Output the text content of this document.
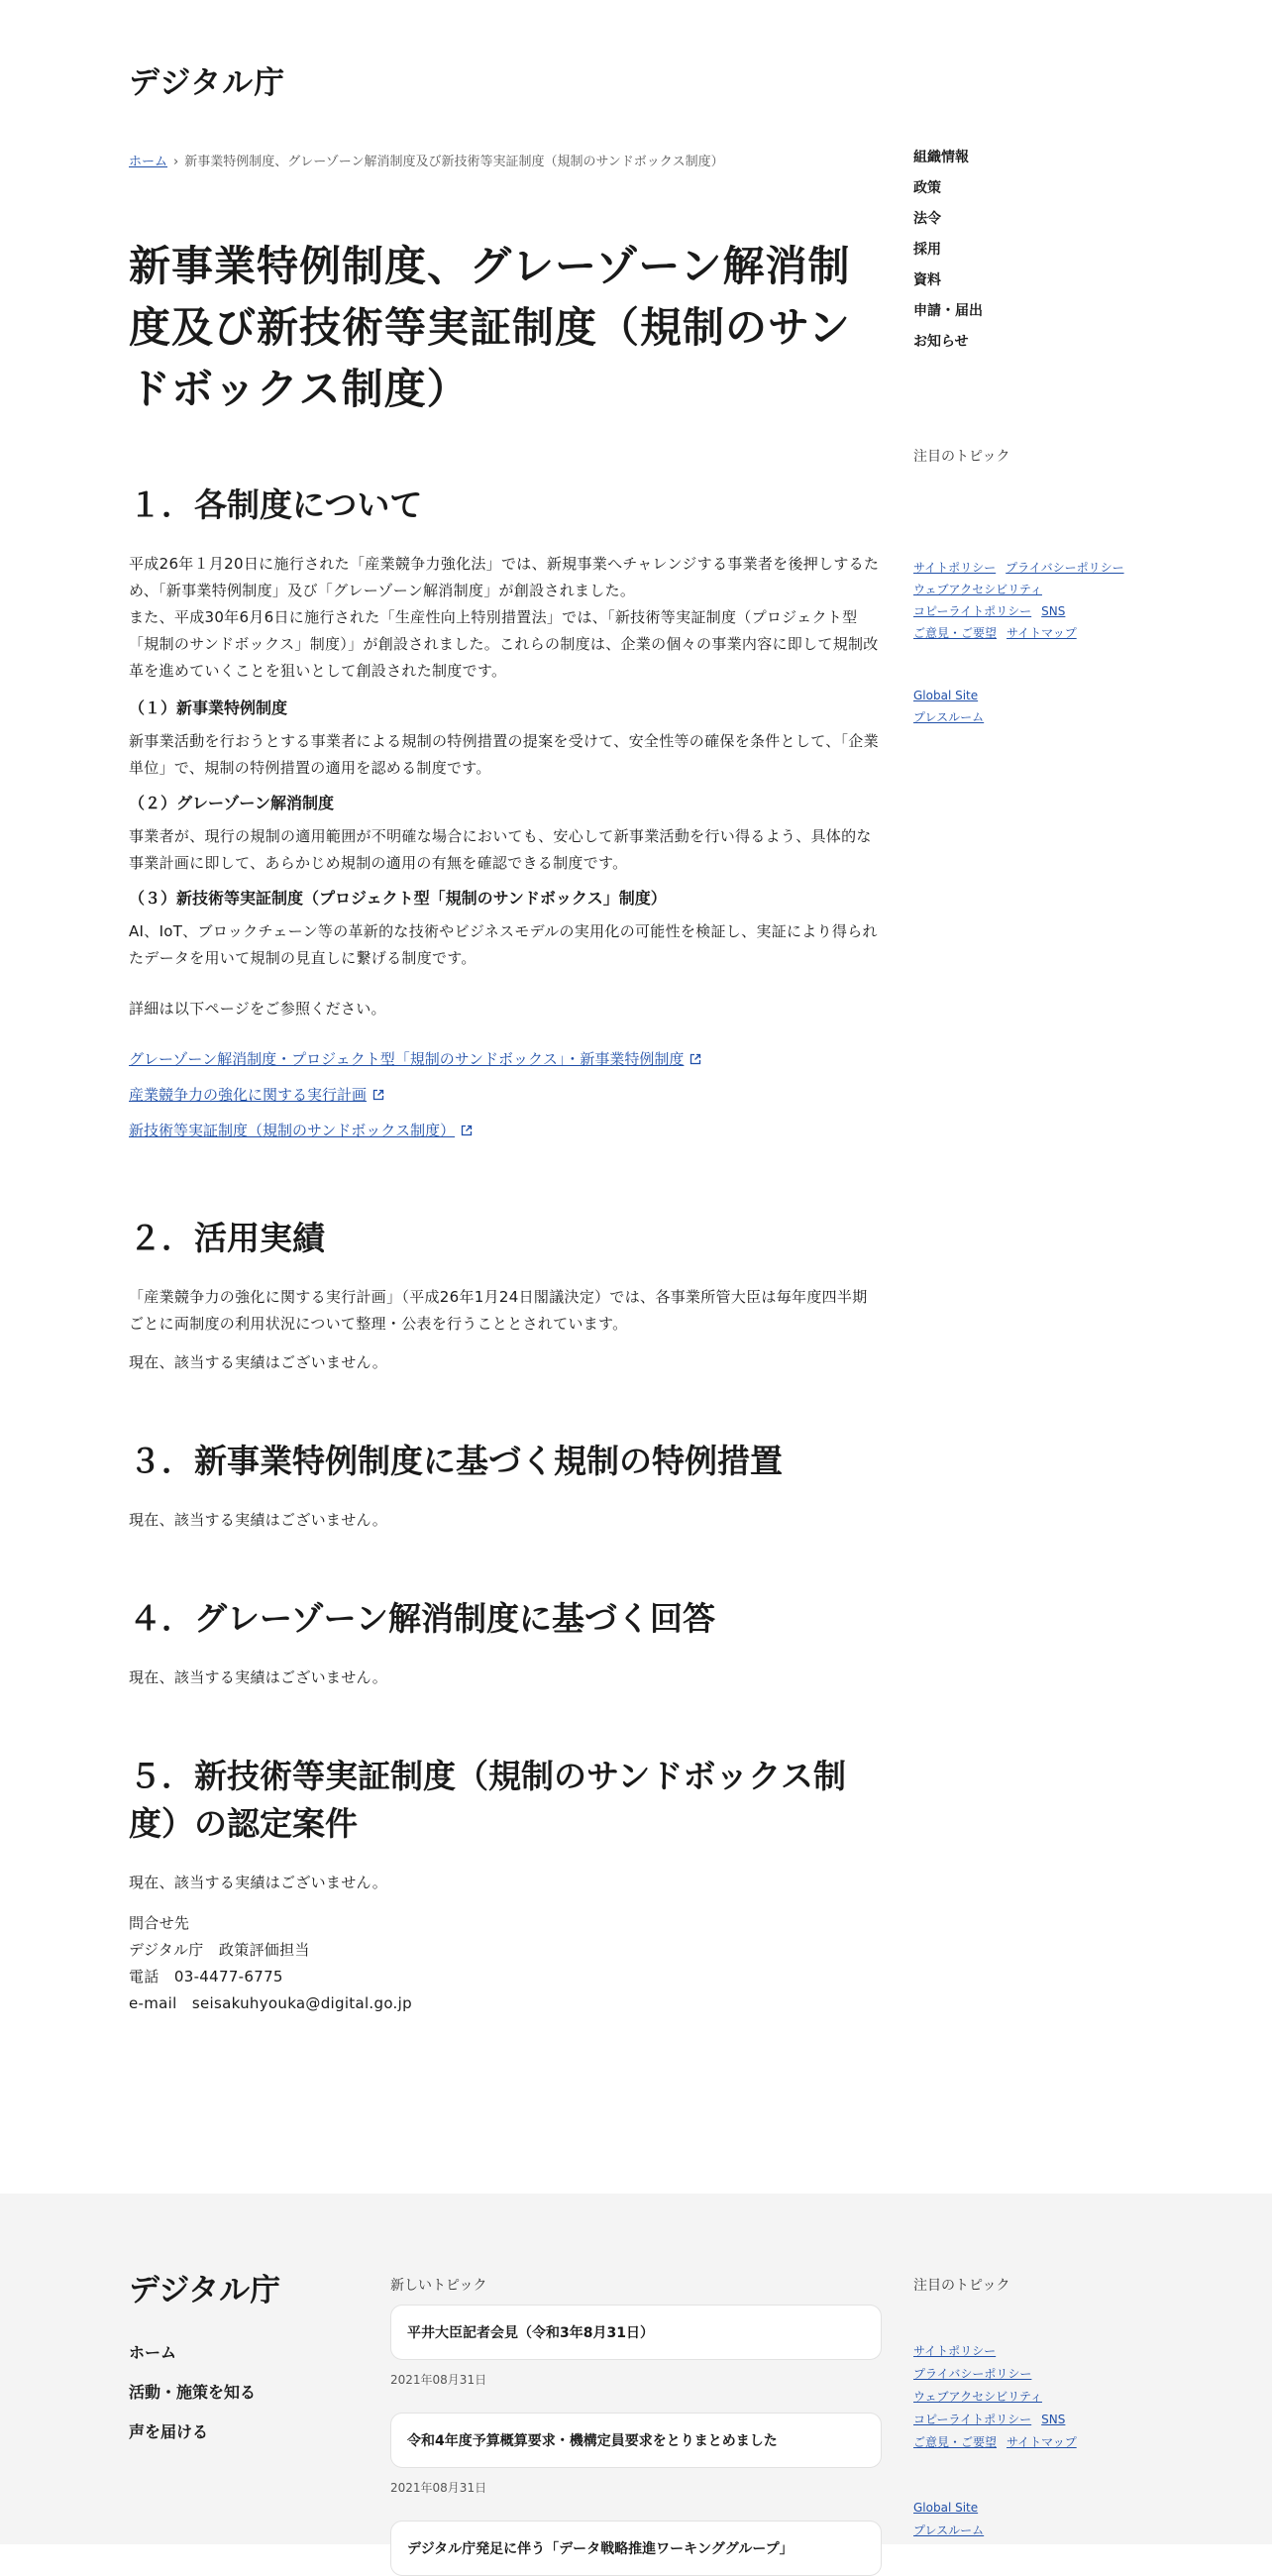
デジタル庁
ホーム › 新事業特例制度、グレーゾーン解消制度及び新技術等実証制度（規制のサンドボックス制度）	組織情報
政策
法令
採用
資料
申請・届出
お知らせ
注目のトピック
サイトポリシー プライバシーポリシー
ウェブアクセシビリティ
コピーライトポリシー SNS
ご意見・ご要望 サイトマップ
Global Site
プレスルーム
新事業特例制度、グレーゾーン解消制度及び新技術等実証制度（規制のサンドボックス制度）
１．各制度について

平成26年１月20日に施行された「産業競争力強化法」では、新規事業へチャレンジする事業者を後押しするため、「新事業特例制度」及び「グレーゾーン解消制度」が創設されました。

また、平成30年6月6日に施行された「生産性向上特別措置法」では、「新技術等実証制度（プロジェクト型「規制のサンドボックス」制度）」が創設されました。これらの制度は、企業の個々の事業内容に即して規制改革を進めていくことを狙いとして創設された制度です。

（１）新事業特例制度

新事業活動を行おうとする事業者による規制の特例措置の提案を受けて、安全性等の確保を条件として、「企業単位」で、規制の特例措置の適用を認める制度です。

（２）グレーゾーン解消制度

事業者が、現行の規制の適用範囲が不明確な場合においても、安心して新事業活動を行い得るよう、具体的な事業計画に即して、あらかじめ規制の適用の有無を確認できる制度です。

（３）新技術等実証制度（プロジェクト型「規制のサンドボックス」制度）

AI、IoT、ブロックチェーン等の革新的な技術やビジネスモデルの実用化の可能性を検証し、実証により得られたデータを用いて規制の見直しに繋げる制度です。

詳細は以下ページをご参照ください。

グレーゾーン解消制度・プロジェクト型「規制のサンドボックス」・新事業特例制度
産業競争力の強化に関する実行計画
新技術等実証制度（規制のサンドボックス制度）
２．活用実績

「産業競争力の強化に関する実行計画」（平成26年1月24日閣議決定）では、各事業所管大臣は毎年度四半期ごとに両制度の利用状況について整理・公表を行うこととされています。

現在、該当する実績はございません。

３．新事業特例制度に基づく規制の特例措置

現在、該当する実績はございません。

４．グレーゾーン解消制度に基づく回答

現在、該当する実績はございません。

５．新技術等実証制度（規制のサンドボックス制度）の認定案件

現在、該当する実績はございません。

問合せ先

デジタル庁　政策評価担当

電話　03-4477-6775

e-mail　seisakuhyouka@digital.go.jp

デジタル庁
ホーム
活動・施策を知る
声を届ける
新しいトピック
平井大臣記者会見（令和3年8月31日）
2021年08月31日
令和4年度予算概算要求・機構定員要求をとりまとめました
2021年08月31日
デジタル庁発足に伴う「データ戦略推進ワーキンググループ」
注目のトピック
サイトポリシー
プライバシーポリシー
ウェブアクセシビリティ
コピーライトポリシー SNS
ご意見・ご要望 サイトマップ
Global Site
プレスルーム
